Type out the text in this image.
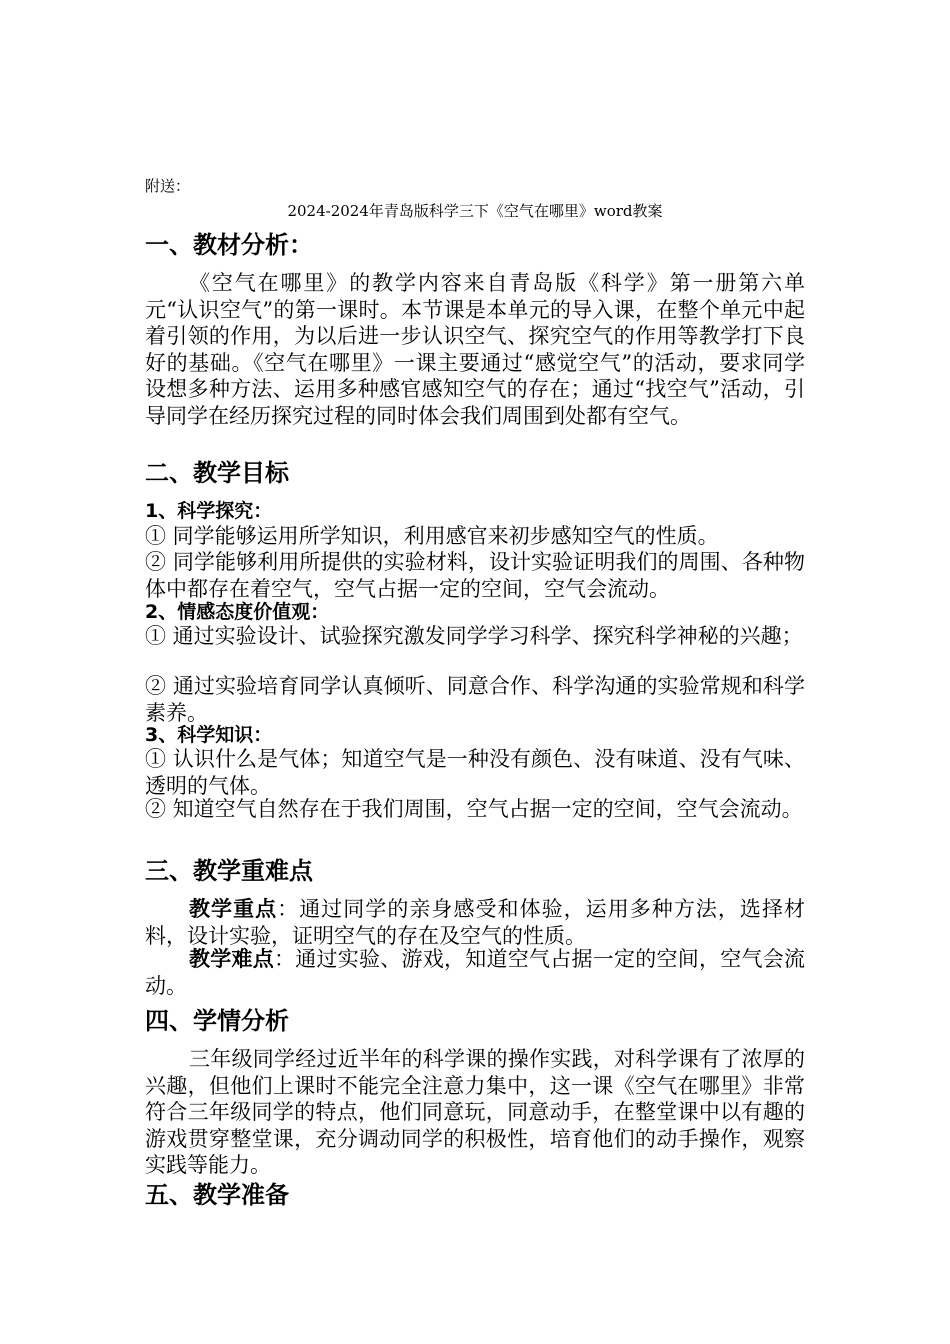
附送：
2024-2024年青岛版科学三下《空气在哪里》word教案
一、教材分析：
《空气在哪里》的教学内容来自青岛版《科学》第一册第六单元“认识空气”的第一课时。本节课是本单元的导入课，在整个单元中起着引领的作用，为以后进一步认识空气、探究空气的作用等教学打下良好的基础。《空气在哪里》一课主要通过“感觉空气”的活动，要求同学设想多种方法、运用多种感官感知空气的存在；通过“找空气”活动，引导同学在经历探究过程的同时体会我们周围到处都有空气。
二、教学目标
1、科学探究：
① 同学能够运用所学知识，利用感官来初步感知空气的性质。
② 同学能够利用所提供的实验材料，设计实验证明我们的周围、各种物体中都存在着空气，空气占据一定的空间，空气会流动。
2、情感态度价值观：
① 通过实验设计、试验探究激发同学学习科学、探究科学神秘的兴趣；
② 通过实验培育同学认真倾听、同意合作、科学沟通的实验常规和科学素养。
3、科学知识：
① 认识什么是气体；知道空气是一种没有颜色、没有味道、没有气味、透明的气体。
② 知道空气自然存在于我们周围，空气占据一定的空间，空气会流动。
三、教学重难点
教学重点：通过同学的亲身感受和体验，运用多种方法，选择材料，设计实验，证明空气的存在及空气的性质。
教学难点：通过实验、游戏，知道空气占据一定的空间，空气会流动。
四、学情分析
三年级同学经过近半年的科学课的操作实践，对科学课有了浓厚的兴趣，但他们上课时不能完全注意力集中，这一课《空气在哪里》非常符合三年级同学的特点，他们同意玩，同意动手，在整堂课中以有趣的游戏贯穿整堂课，充分调动同学的积极性，培育他们的动手操作，观察实践等能力。
五、教学准备
